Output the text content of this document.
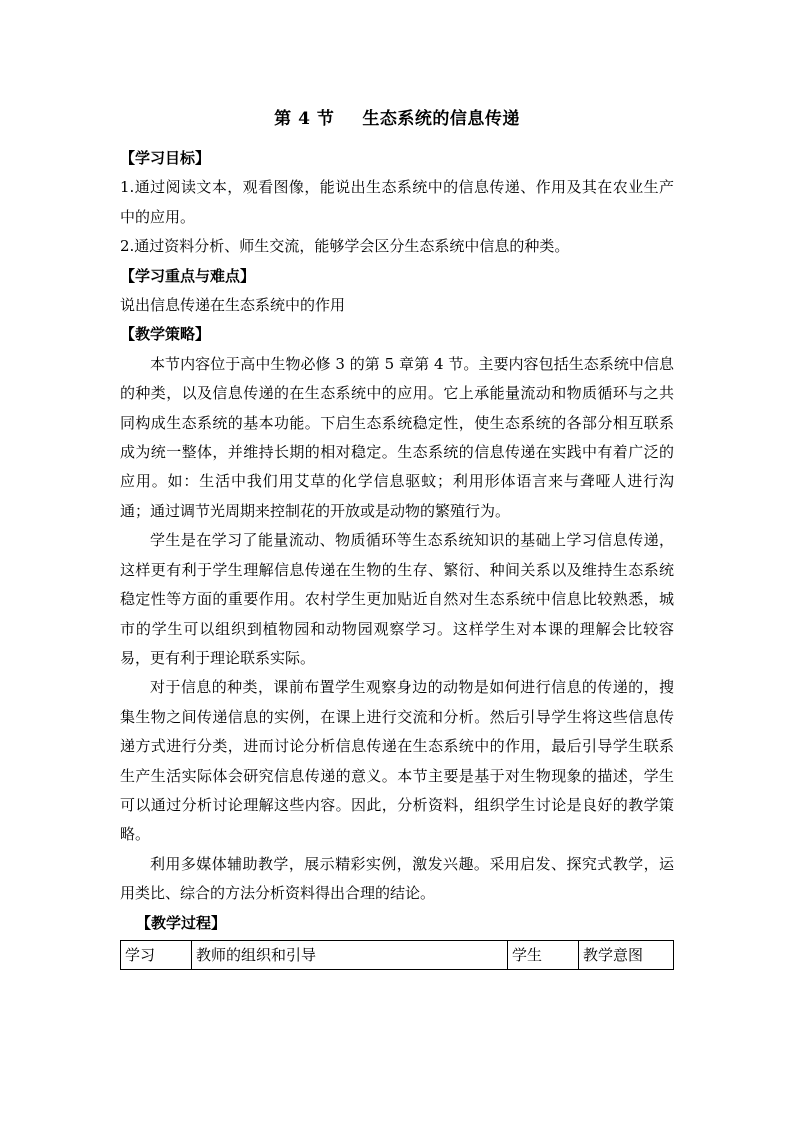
第 4 节 生态系统的信息传递

【学习目标】

1.通过阅读文本，观看图像，能说出生态系统中的信息传递、作用及其在农业生产中的应用。

2.通过资料分析、师生交流，能够学会区分生态系统中信息的种类。

【学习重点与难点】

说出信息传递在生态系统中的作用

【教学策略】

本节内容位于高中生物必修 3 的第 5 章第 4 节。主要内容包括生态系统中信息的种类，以及信息传递的在生态系统中的应用。它上承能量流动和物质循环与之共同构成生态系统的基本功能。下启生态系统稳定性，使生态系统的各部分相互联系成为统一整体，并维持长期的相对稳定。生态系统的信息传递在实践中有着广泛的应用。如：生活中我们用艾草的化学信息驱蚊；利用形体语言来与聋哑人进行沟通；通过调节光周期来控制花的开放或是动物的繁殖行为。

学生是在学习了能量流动、物质循环等生态系统知识的基础上学习信息传递，这样更有利于学生理解信息传递在生物的生存、繁衍、种间关系以及维持生态系统稳定性等方面的重要作用。农村学生更加贴近自然对生态系统中信息比较熟悉，城市的学生可以组织到植物园和动物园观察学习。这样学生对本课的理解会比较容易，更有利于理论联系实际。

对于信息的种类，课前布置学生观察身边的动物是如何进行信息的传递的，搜集生物之间传递信息的实例，在课上进行交流和分析。然后引导学生将这些信息传递方式进行分类，进而讨论分析信息传递在生态系统中的作用，最后引导学生联系生产生活实际体会研究信息传递的意义。本节主要是基于对生物现象的描述，学生可以通过分析讨论理解这些内容。因此，分析资料，组织学生讨论是良好的教学策略。

利用多媒体辅助教学，展示精彩实例，激发兴趣。采用启发、探究式教学，运用类比、综合的方法分析资料得出合理的结论。

【教学过程】

学习	教师的组织和引导	学生	教学意图
